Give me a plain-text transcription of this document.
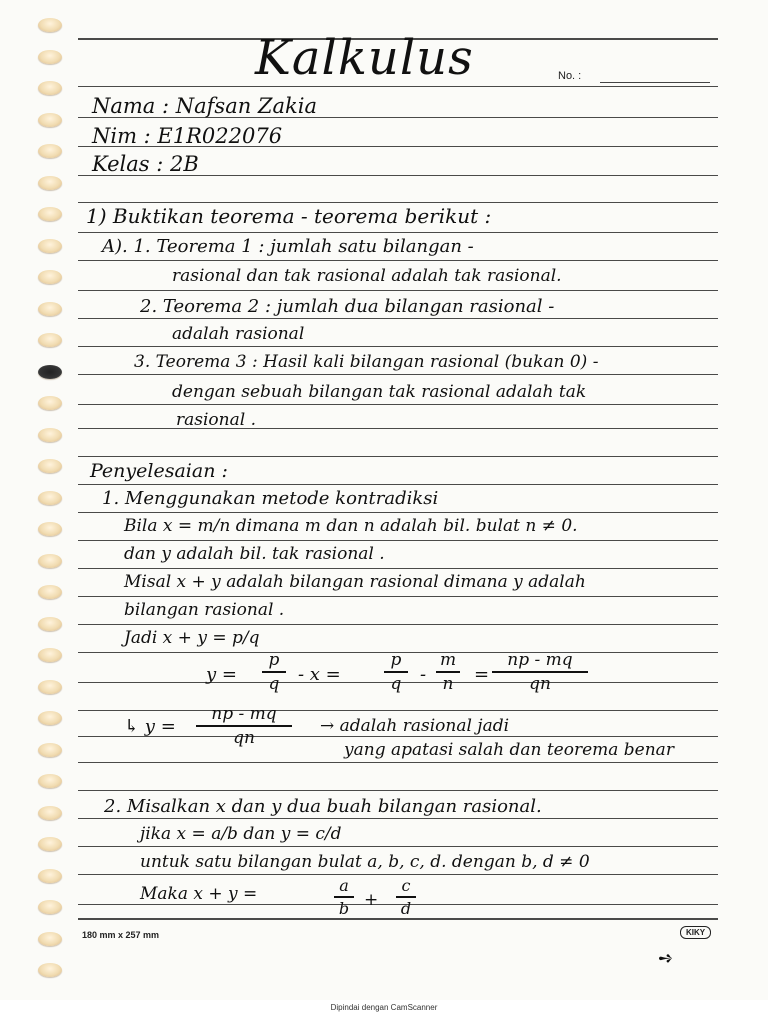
Kalkulus	No. :
Nama : Nafsan Zakia
Nim : E1R022076
Kelas : 2B
1) Buktikan teorema - teorema berikut :
A). 1. Teorema 1 : jumlah satu bilangan -
rasional dan tak rasional adalah tak rasional.
2. Teorema 2 : jumlah dua bilangan rasional -
adalah rasional
3. Teorema 3 : Hasil kali bilangan rasional (bukan 0) -
dengan sebuah bilangan tak rasional adalah tak
rasional .
Penyelesaian :
1. Menggunakan metode kontradiksi
Bila x = m/n dimana m dan n adalah bil. bulat n ≠ 0.
dan y adalah bil. tak rasional .
Misal x + y adalah bilangan rasional dimana y adalah
bilangan rasional .
Jadi x + y = p/q
y =
p
q	- x =
p
q	-
m
n	=
np - mq
qn
↳ y =
np - mq
qn
→ adalah rasional jadi
yang apatasi salah dan teorema benar
2. Misalkan x dan y dua buah bilangan rasional.
jika x = a/b dan y = c/d
untuk satu bilangan bulat a, b, c, d. dengan b, d ≠ 0
Maka x + y =	a
b +
c
d
180 mm x 257 mm	KIKY
➺
Dipindai dengan CamScanner
